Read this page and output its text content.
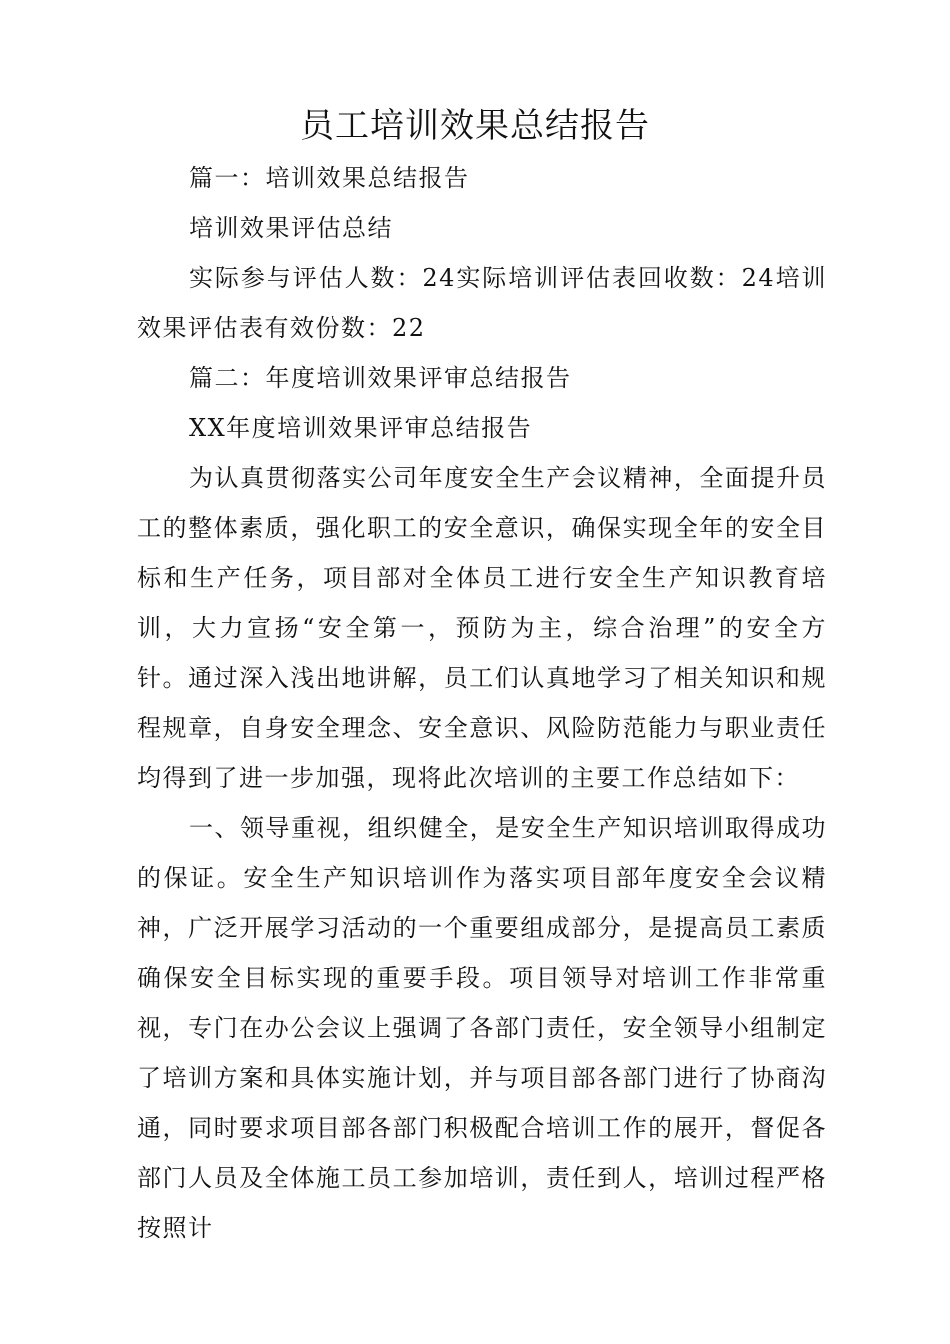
员工培训效果总结报告

篇一：培训效果总结报告

培训效果评估总结

实际参与评估人数：24实际培训评估表回收数：24培训效果评估表有效份数：22

篇二：年度培训效果评审总结报告

XX年度培训效果评审总结报告

为认真贯彻落实公司年度安全生产会议精神，全面提升员工的整体素质，强化职工的安全意识，确保实现全年的安全目标和生产任务，项目部对全体员工进行安全生产知识教育培训，大力宣扬“安全第一，预防为主，综合治理”的安全方针。通过深入浅出地讲解，员工们认真地学习了相关知识和规程规章，自身安全理念、安全意识、风险防范能力与职业责任均得到了进一步加强，现将此次培训的主要工作总结如下：

一、领导重视，组织健全，是安全生产知识培训取得成功的保证。安全生产知识培训作为落实项目部年度安全会议精神，广泛开展学习活动的一个重要组成部分，是提高员工素质确保安全目标实现的重要手段。项目领导对培训工作非常重视，专门在办公会议上强调了各部门责任，安全领导小组制定了培训方案和具体实施计划，并与项目部各部门进行了协商沟通，同时要求项目部各部门积极配合培训工作的展开，督促各部门人员及全体施工员工参加培训，责任到人，培训过程严格按照计
